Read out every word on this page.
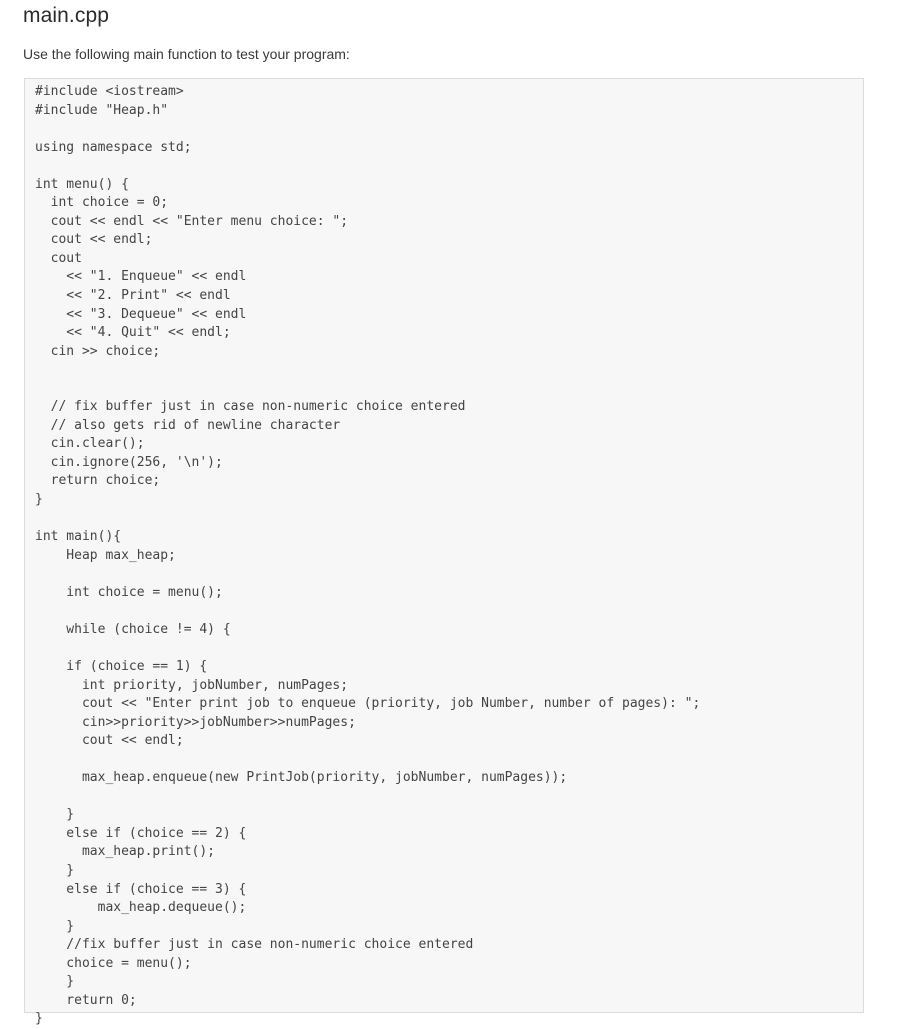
main.cpp

Use the following main function to test your program:

#include <iostream>
#include "Heap.h"
using namespace std;
int menu() {
int choice = 0;
cout << endl << "Enter menu choice: ";
cout << endl;
cout
<< "1. Enqueue" << endl
<< "2. Print" << endl
<< "3. Dequeue" << endl
<< "4. Quit" << endl;
cin >> choice;
// fix buffer just in case non-numeric choice entered
// also gets rid of newline character
cin.clear();
cin.ignore(256, '\n');
return choice;
}
int main(){
Heap max_heap;
int choice = menu();
while (choice != 4) {
if (choice == 1) {
int priority, jobNumber, numPages;
cout << "Enter print job to enqueue (priority, job Number, number of pages): ";
cin>>priority>>jobNumber>>numPages;
cout << endl;
max_heap.enqueue(new PrintJob(priority, jobNumber, numPages));
}
else if (choice == 2) {
max_heap.print();
}
else if (choice == 3) {
max_heap.dequeue();
}
//fix buffer just in case non-numeric choice entered
choice = menu();
}
return 0;
}
